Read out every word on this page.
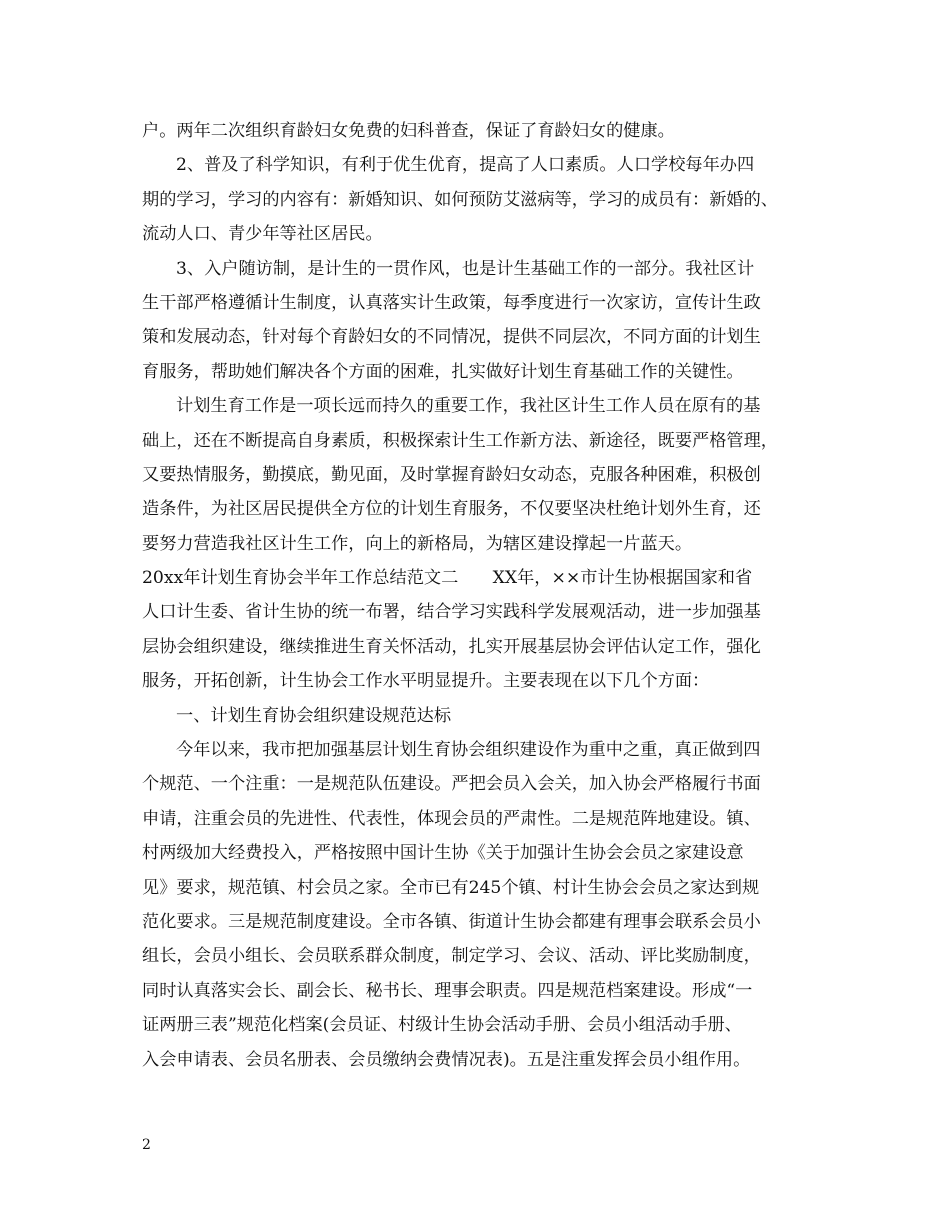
户。两年二次组织育龄妇女免费的妇科普查，保证了育龄妇女的健康。
2、普及了科学知识，有利于优生优育，提高了人口素质。人口学校每年办四
期的学习，学习的内容有：新婚知识、如何预防艾滋病等，学习的成员有：新婚的、
流动人口、青少年等社区居民。
3、入户随访制，是计生的一贯作风，也是计生基础工作的一部分。我社区计
生干部严格遵循计生制度，认真落实计生政策，每季度进行一次家访，宣传计生政
策和发展动态，针对每个育龄妇女的不同情况，提供不同层次，不同方面的计划生
育服务，帮助她们解决各个方面的困难，扎实做好计划生育基础工作的关键性。
计划生育工作是一项长远而持久的重要工作，我社区计生工作人员在原有的基
础上，还在不断提高自身素质，积极探索计生工作新方法、新途径，既要严格管理，
又要热情服务，勤摸底，勤见面，及时掌握育龄妇女动态，克服各种困难，积极创
造条件，为社区居民提供全方位的计划生育服务，不仅要坚决杜绝计划外生育，还
要努力营造我社区计生工作，向上的新格局，为辖区建设撑起一片蓝天。
20xx年计划生育协会半年工作总结范文二　　XX年，××市计生协根据国家和省
人口计生委、省计生协的统一布署，结合学习实践科学发展观活动，进一步加强基
层协会组织建设，继续推进生育关怀活动，扎实开展基层协会评估认定工作，强化
服务，开拓创新，计生协会工作水平明显提升。主要表现在以下几个方面：
一、计划生育协会组织建设规范达标
今年以来，我市把加强基层计划生育协会组织建设作为重中之重，真正做到四
个规范、一个注重：一是规范队伍建设。严把会员入会关，加入协会严格履行书面
申请，注重会员的先进性、代表性，体现会员的严肃性。二是规范阵地建设。镇、
村两级加大经费投入，严格按照中国计生协《关于加强计生协会会员之家建设意
见》要求，规范镇、村会员之家。全市已有245个镇、村计生协会会员之家达到规
范化要求。三是规范制度建设。全市各镇、街道计生协会都建有理事会联系会员小
组长，会员小组长、会员联系群众制度，制定学习、会议、活动、评比奖励制度，
同时认真落实会长、副会长、秘书长、理事会职责。四是规范档案建设。形成“一
证两册三表”规范化档案(会员证、村级计生协会活动手册、会员小组活动手册、
入会申请表、会员名册表、会员缴纳会费情况表)。五是注重发挥会员小组作用。
2
